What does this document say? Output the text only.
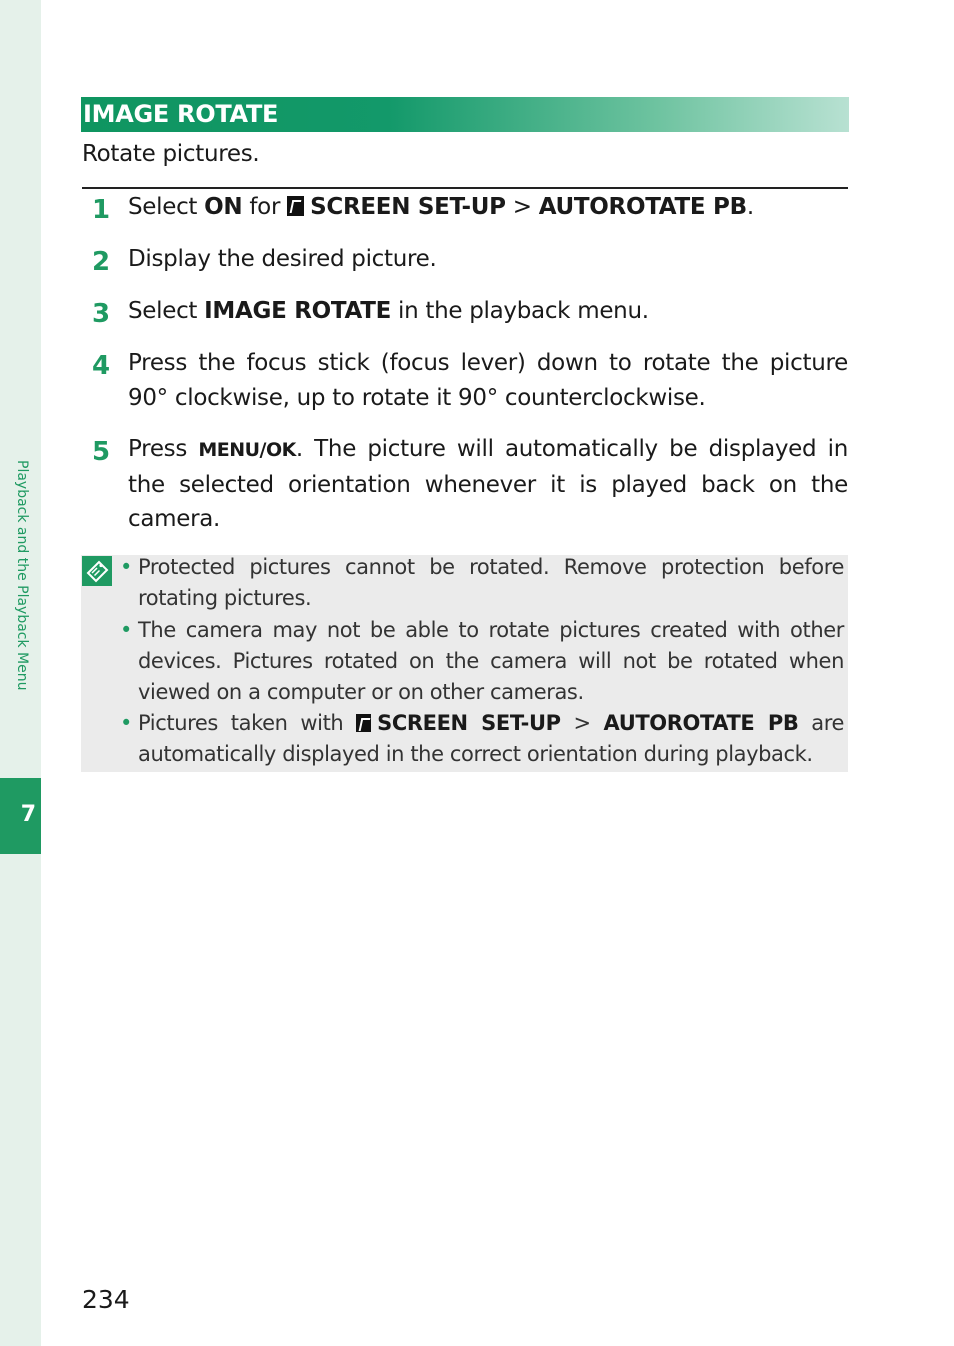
Playback and the Playback Menu
7
IMAGE ROTATE
Rotate pictures.
1 Select ON for SCREEN SET-UP > AUTOROTATE PB.
2 Display the desired picture.
3 Select IMAGE ROTATE in the playback menu.
4 Press the focus stick (focus lever) down to rotate the picture 90° clockwise, up to rotate it 90° counterclockwise.
5 Press MENU/OK. The picture will automatically be displayed in the selected orientation whenever it is played back on the camera.
• Protected pictures cannot be rotated. Remove protection before rotating pictures.
• The camera may not be able to rotate pictures created with other devices. Pictures rotated on the camera will not be rotated when viewed on a computer or on other cameras.
• Pictures taken with SCREEN SET-UP > AUTOROTATE PB are automatically displayed in the correct orientation during playback.
234
